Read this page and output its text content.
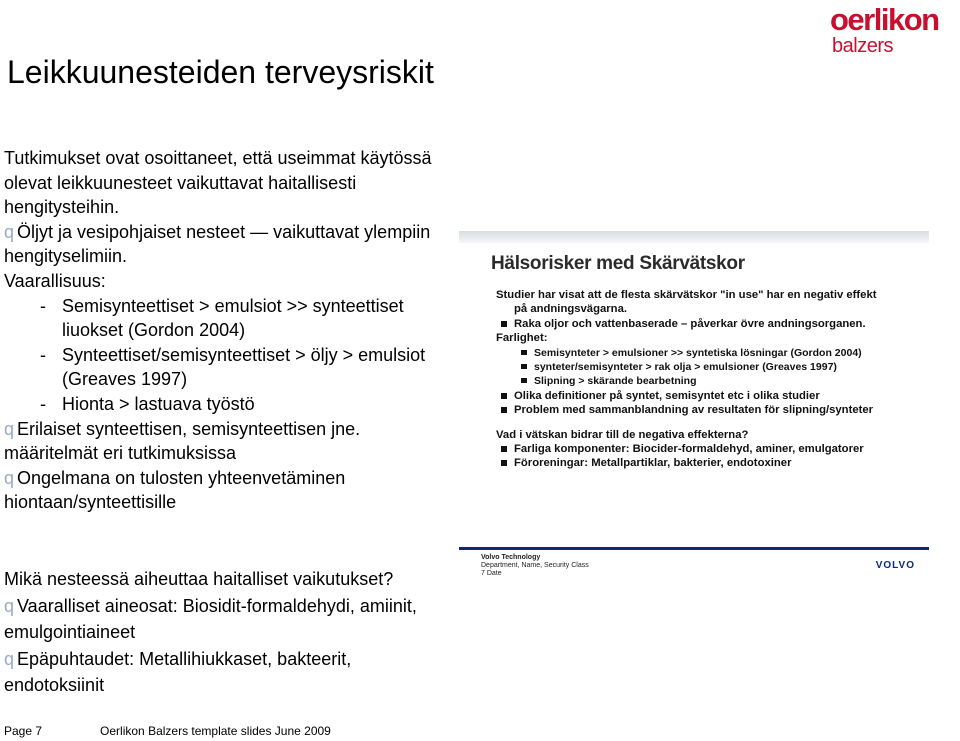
oerlikon
balzers
Leikkuunesteiden terveysriskit

Tutkimukset ovat osoittaneet, että useimmat käytössä

olevat leikkuunesteet vaikuttavat haitallisesti

hengitysteihin.

q Öljyt ja vesipohjaiset nesteet — vaikuttavat ylempiin

hengityselimiin.

Vaarallisuus:

- Semisynteettiset > emulsiot >> synteettiset

liuokset (Gordon 2004)

- Synteettiset/semisynteettiset > öljy > emulsiot

(Greaves 1997)

- Hionta > lastuava työstö

q Erilaiset synteettisen, semisynteettisen jne.

määritelmät eri tutkimuksissa

q Ongelmana on tulosten yhteenvetäminen

hiontaan/synteettisille

Hälsorisker med Skärvätskor

Studier har visat att de flesta skärvätskor "in use" har en negativ effekt

på andningsvägarna.

Raka oljor och vattenbaserade – påverkar övre andningsorganen.

Farlighet:

Semisynteter > emulsioner >> syntetiska lösningar (Gordon 2004)

synteter/semisynteter > rak olja > emulsioner (Greaves 1997)

Slipning > skärande bearbetning

Olika definitioner på syntet, semisyntet etc i olika studier

Problem med sammanblandning av resultaten för slipning/synteter

Vad i vätskan bidrar till de negativa effekterna?

Farliga komponenter: Biocider-formaldehyd, aminer, emulgatorer

Föroreningar: Metallpartiklar, bakterier, endotoxiner

Volvo Technology
Department, Name, Security Class
7 Date
VOLVO

Mikä nesteessä aiheuttaa haitalliset vaikutukset?

q Vaaralliset aineosat: Biosidit-formaldehydi, amiinit,

emulgointiaineet

q Epäpuhtaudet: Metallihiukkaset, bakteerit,

endotoksiinit

Page 7	Oerlikon Balzers template slides June 2009
